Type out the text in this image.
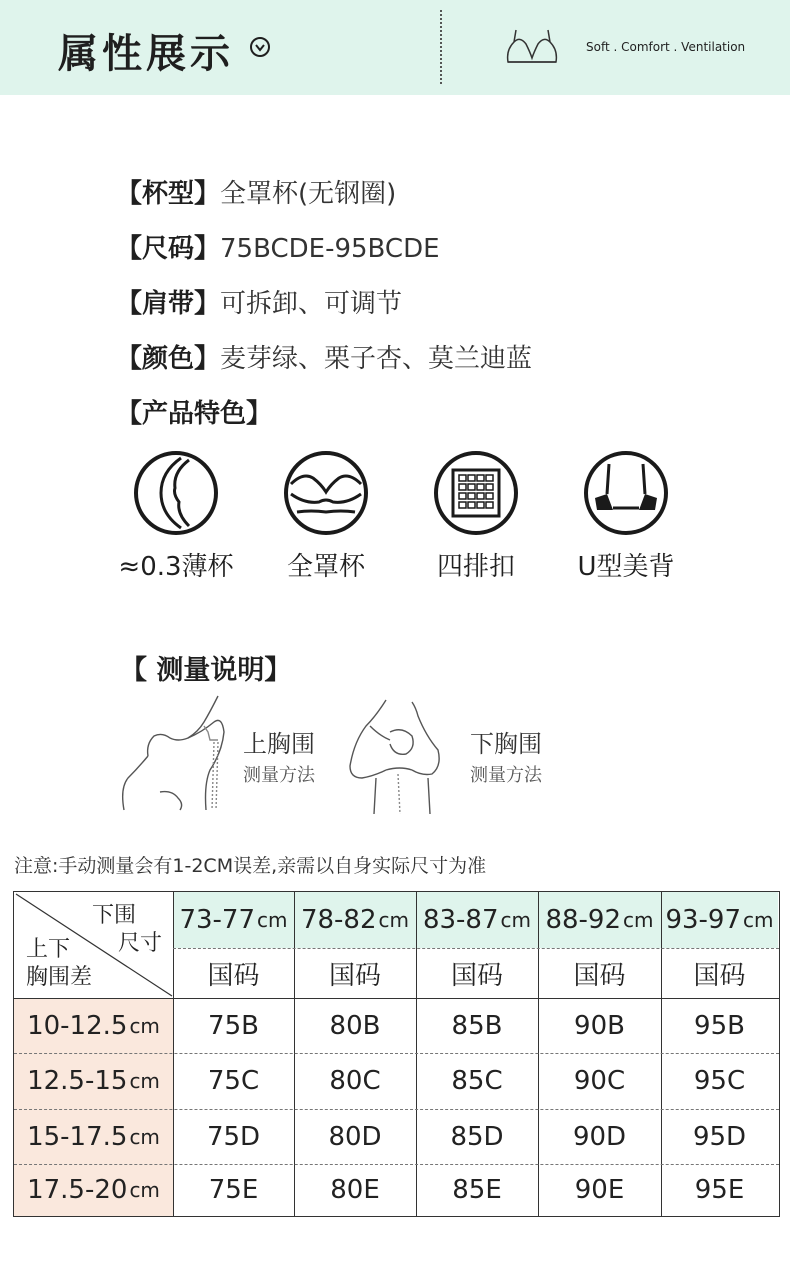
属性展示	Soft . Comfort . Ventilation
【杯型】全罩杯(无钢圈)
【尺码】75BCDE-95BCDE
【肩带】可拆卸、可调节
【颜色】麦芽绿、栗子杏、莫兰迪蓝
【产品特色】
≈0.3薄杯	全罩杯	四排扣	U型美背
【 测量说明】
上胸围
测量方法
下胸围
测量方法
注意:手动测量会有1-2CM误差,亲需以自身实际尺寸为准
下围
尺寸
上下
胸围差
73-77 cm 78-82 cm 83-87 cm 88-92 cm 93-97 cm
国码	国码	国码	国码	国码
10-12.5 cm	75B	80B	85B	90B	95B
12.5-15 cm	75C	80C	85C	90C	95C
15-17.5 cm	75D	80D	85D	90D	95D
17.5-20 cm	75E	80E	85E	90E	95E
